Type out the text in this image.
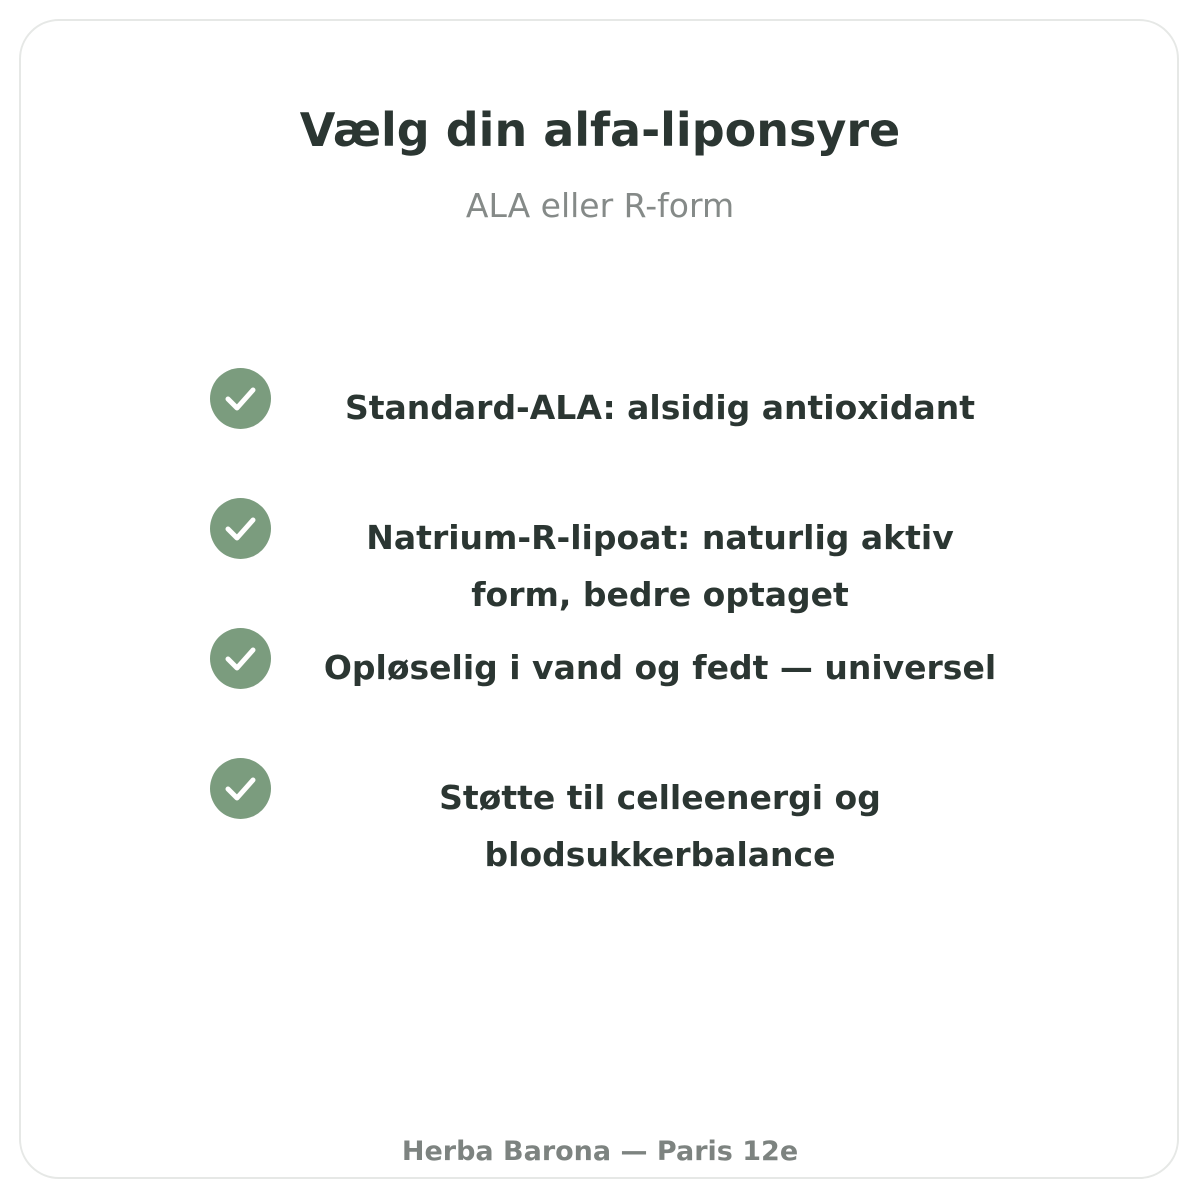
Vælg din alfa-liponsyre
ALA eller R-form
Standard-ALA: alsidig antioxidant
Natrium-R-lipoat: naturlig aktiv form, bedre optaget
Opløselig i vand og fedt — universel
Støtte til celleenergi og blodsukkerbalance
Herba Barona — Paris 12e
